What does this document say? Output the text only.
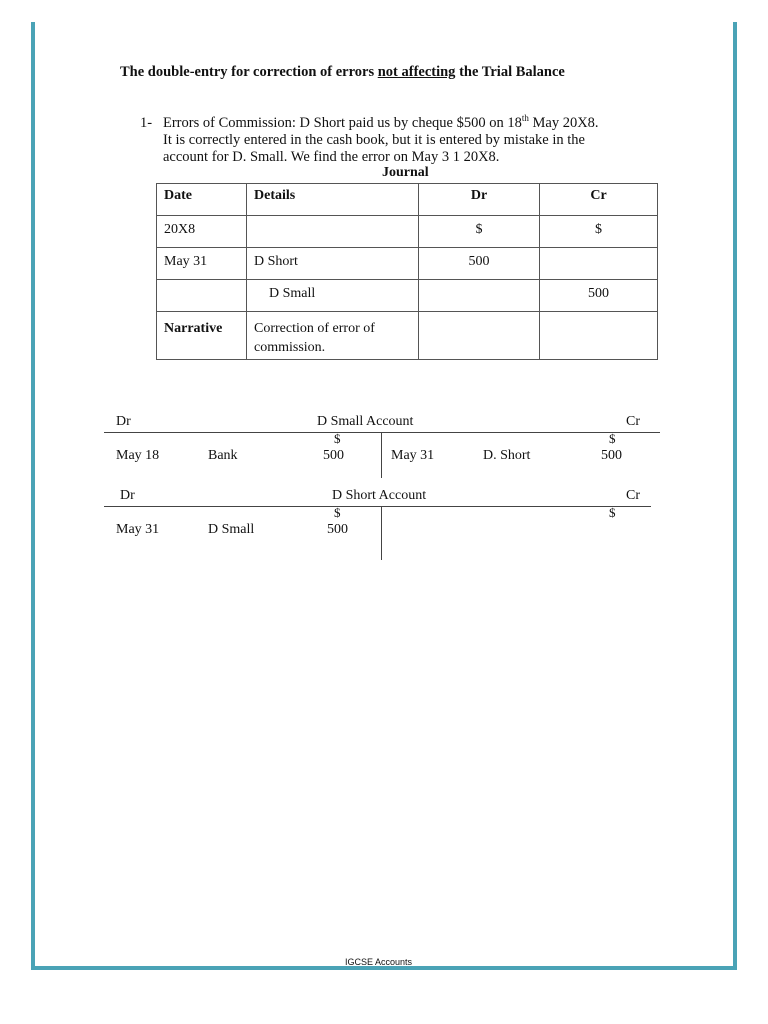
The double-entry for correction of errors not affecting the Trial Balance
1- Errors of Commission: D Short paid us by cheque $500 on 18th May 20X8.
It is correctly entered in the cash book, but it is entered by mistake in the
account for D. Small. We find the error on May 3 1 20X8.
Journal
Date	Details	Dr	Cr
20X8		$	$
May 31	D Short	500	
	D Small		500
Narrative	Correction of error of
commission.		

Dr	D Small Account	Cr
$	$
May 18	Bank	500	May 31	D. Short	500
Dr	D Short Account	Cr
$	$
May 31	D Small	500
IGCSE Accounts
